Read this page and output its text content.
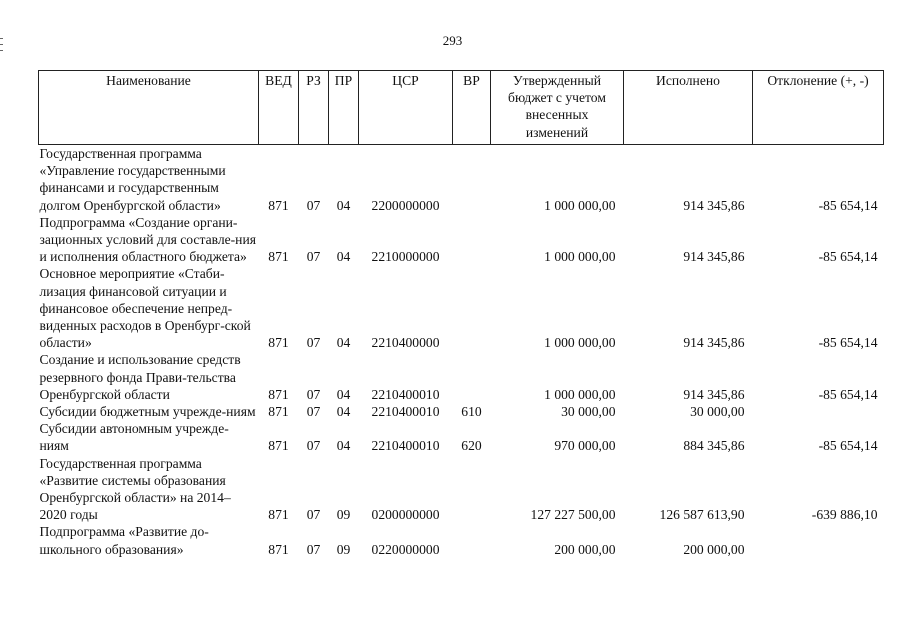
293
Наименование	ВЕД	РЗ	ПР	ЦСР	ВР	Утвержденный бюджет с учетом внесенных изменений	Исполнено	Отклонение (+, -)
Государственная программа «Управление государственными финансами и государственным долгом Оренбургской области»	871	07	04	2200000000		1 000 000,00	914 345,86	-85 654,14
Подпрограмма «Создание органи-зационных условий для составле-ния и исполнения областного бюджета»	871	07	04	2210000000		1 000 000,00	914 345,86	-85 654,14
Основное мероприятие «Стаби-лизация финансовой ситуации и финансовое обеспечение непред-виденных расходов в Оренбург-ской области»	871	07	04	2210400000		1 000 000,00	914 345,86	-85 654,14
Создание и использование средств резервного фонда Прави-тельства Оренбургской области	871	07	04	2210400010		1 000 000,00	914 345,86	-85 654,14
Субсидии бюджетным учрежде-ниям	871	07	04	2210400010	610	30 000,00	30 000,00	
Субсидии автономным учрежде-ниям	871	07	04	2210400010	620	970 000,00	884 345,86	-85 654,14
Государственная программа «Развитие системы образования Оренбургской области» на 2014–2020 годы	871	07	09	0200000000		127 227 500,00	126 587 613,90	-639 886,10
Подпрограмма «Развитие до-школьного образования»	871	07	09	0220000000		200 000,00	200 000,00	
